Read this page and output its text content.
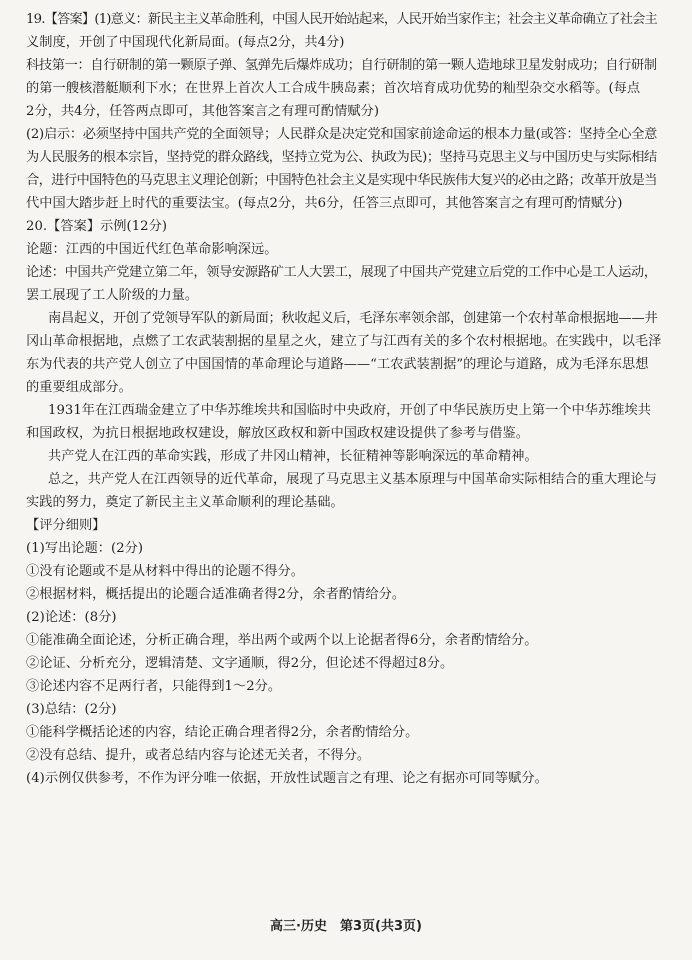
19.【答案】(1)意义：新民主主义革命胜利，中国人民开始站起来，人民开始当家作主；社会主义革命确立了社会主
义制度，开创了中国现代化新局面。(每点2分，共4分)
科技第一：自行研制的第一颗原子弹、氢弹先后爆炸成功；自行研制的第一颗人造地球卫星发射成功；自行研制
的第一艘核潜艇顺利下水；在世界上首次人工合成牛胰岛素；首次培育成功优势的籼型杂交水稻等。(每点
2分，共4分，任答两点即可，其他答案言之有理可酌情赋分)
(2)启示：必须坚持中国共产党的全面领导；人民群众是决定党和国家前途命运的根本力量(或答：坚持全心全意
为人民服务的根本宗旨，坚持党的群众路线，坚持立党为公、执政为民)；坚持马克思主义与中国历史与实际相结
合，进行中国特色的马克思主义理论创新；中国特色社会主义是实现中华民族伟大复兴的必由之路；改革开放是当
代中国大踏步赶上时代的重要法宝。(每点2分，共6分，任答三点即可，其他答案言之有理可酌情赋分)
20.【答案】示例(12分)
论题：江西的中国近代红色革命影响深远。
论述：中国共产党建立第二年，领导安源路矿工人大罢工，展现了中国共产党建立后党的工作中心是工人运动，
罢工展现了工人阶级的力量。
南昌起义，开创了党领导军队的新局面；秋收起义后，毛泽东率领余部，创建第一个农村革命根据地——井
冈山革命根据地，点燃了工农武装割据的星星之火，建立了与江西有关的多个农村根据地。在实践中，以毛泽
东为代表的共产党人创立了中国国情的革命理论与道路——“工农武装割据”的理论与道路，成为毛泽东思想
的重要组成部分。
1931年在江西瑞金建立了中华苏维埃共和国临时中央政府，开创了中华民族历史上第一个中华苏维埃共
和国政权，为抗日根据地政权建设，解放区政权和新中国政权建设提供了参考与借鉴。
共产党人在江西的革命实践，形成了井冈山精神，长征精神等影响深远的革命精神。
总之，共产党人在江西领导的近代革命，展现了马克思主义基本原理与中国革命实际相结合的重大理论与
实践的努力，奠定了新民主主义革命顺利的理论基础。
【评分细则】
(1)写出论题：(2分)
①没有论题或不是从材料中得出的论题不得分。
②根据材料，概括提出的论题合适准确者得2分，余者酌情给分。
(2)论述：(8分)
①能准确全面论述，分析正确合理，举出两个或两个以上论据者得6分，余者酌情给分。
②论证、分析充分，逻辑清楚、文字通顺，得2分，但论述不得超过8分。
③论述内容不足两行者，只能得到1～2分。
(3)总结：(2分)
①能科学概括论述的内容，结论正确合理者得2分，余者酌情给分。
②没有总结、提升，或者总结内容与论述无关者，不得分。
(4)示例仅供参考，不作为评分唯一依据，开放性试题言之有理、论之有据亦可同等赋分。
高三·历史　第3页(共3页)
